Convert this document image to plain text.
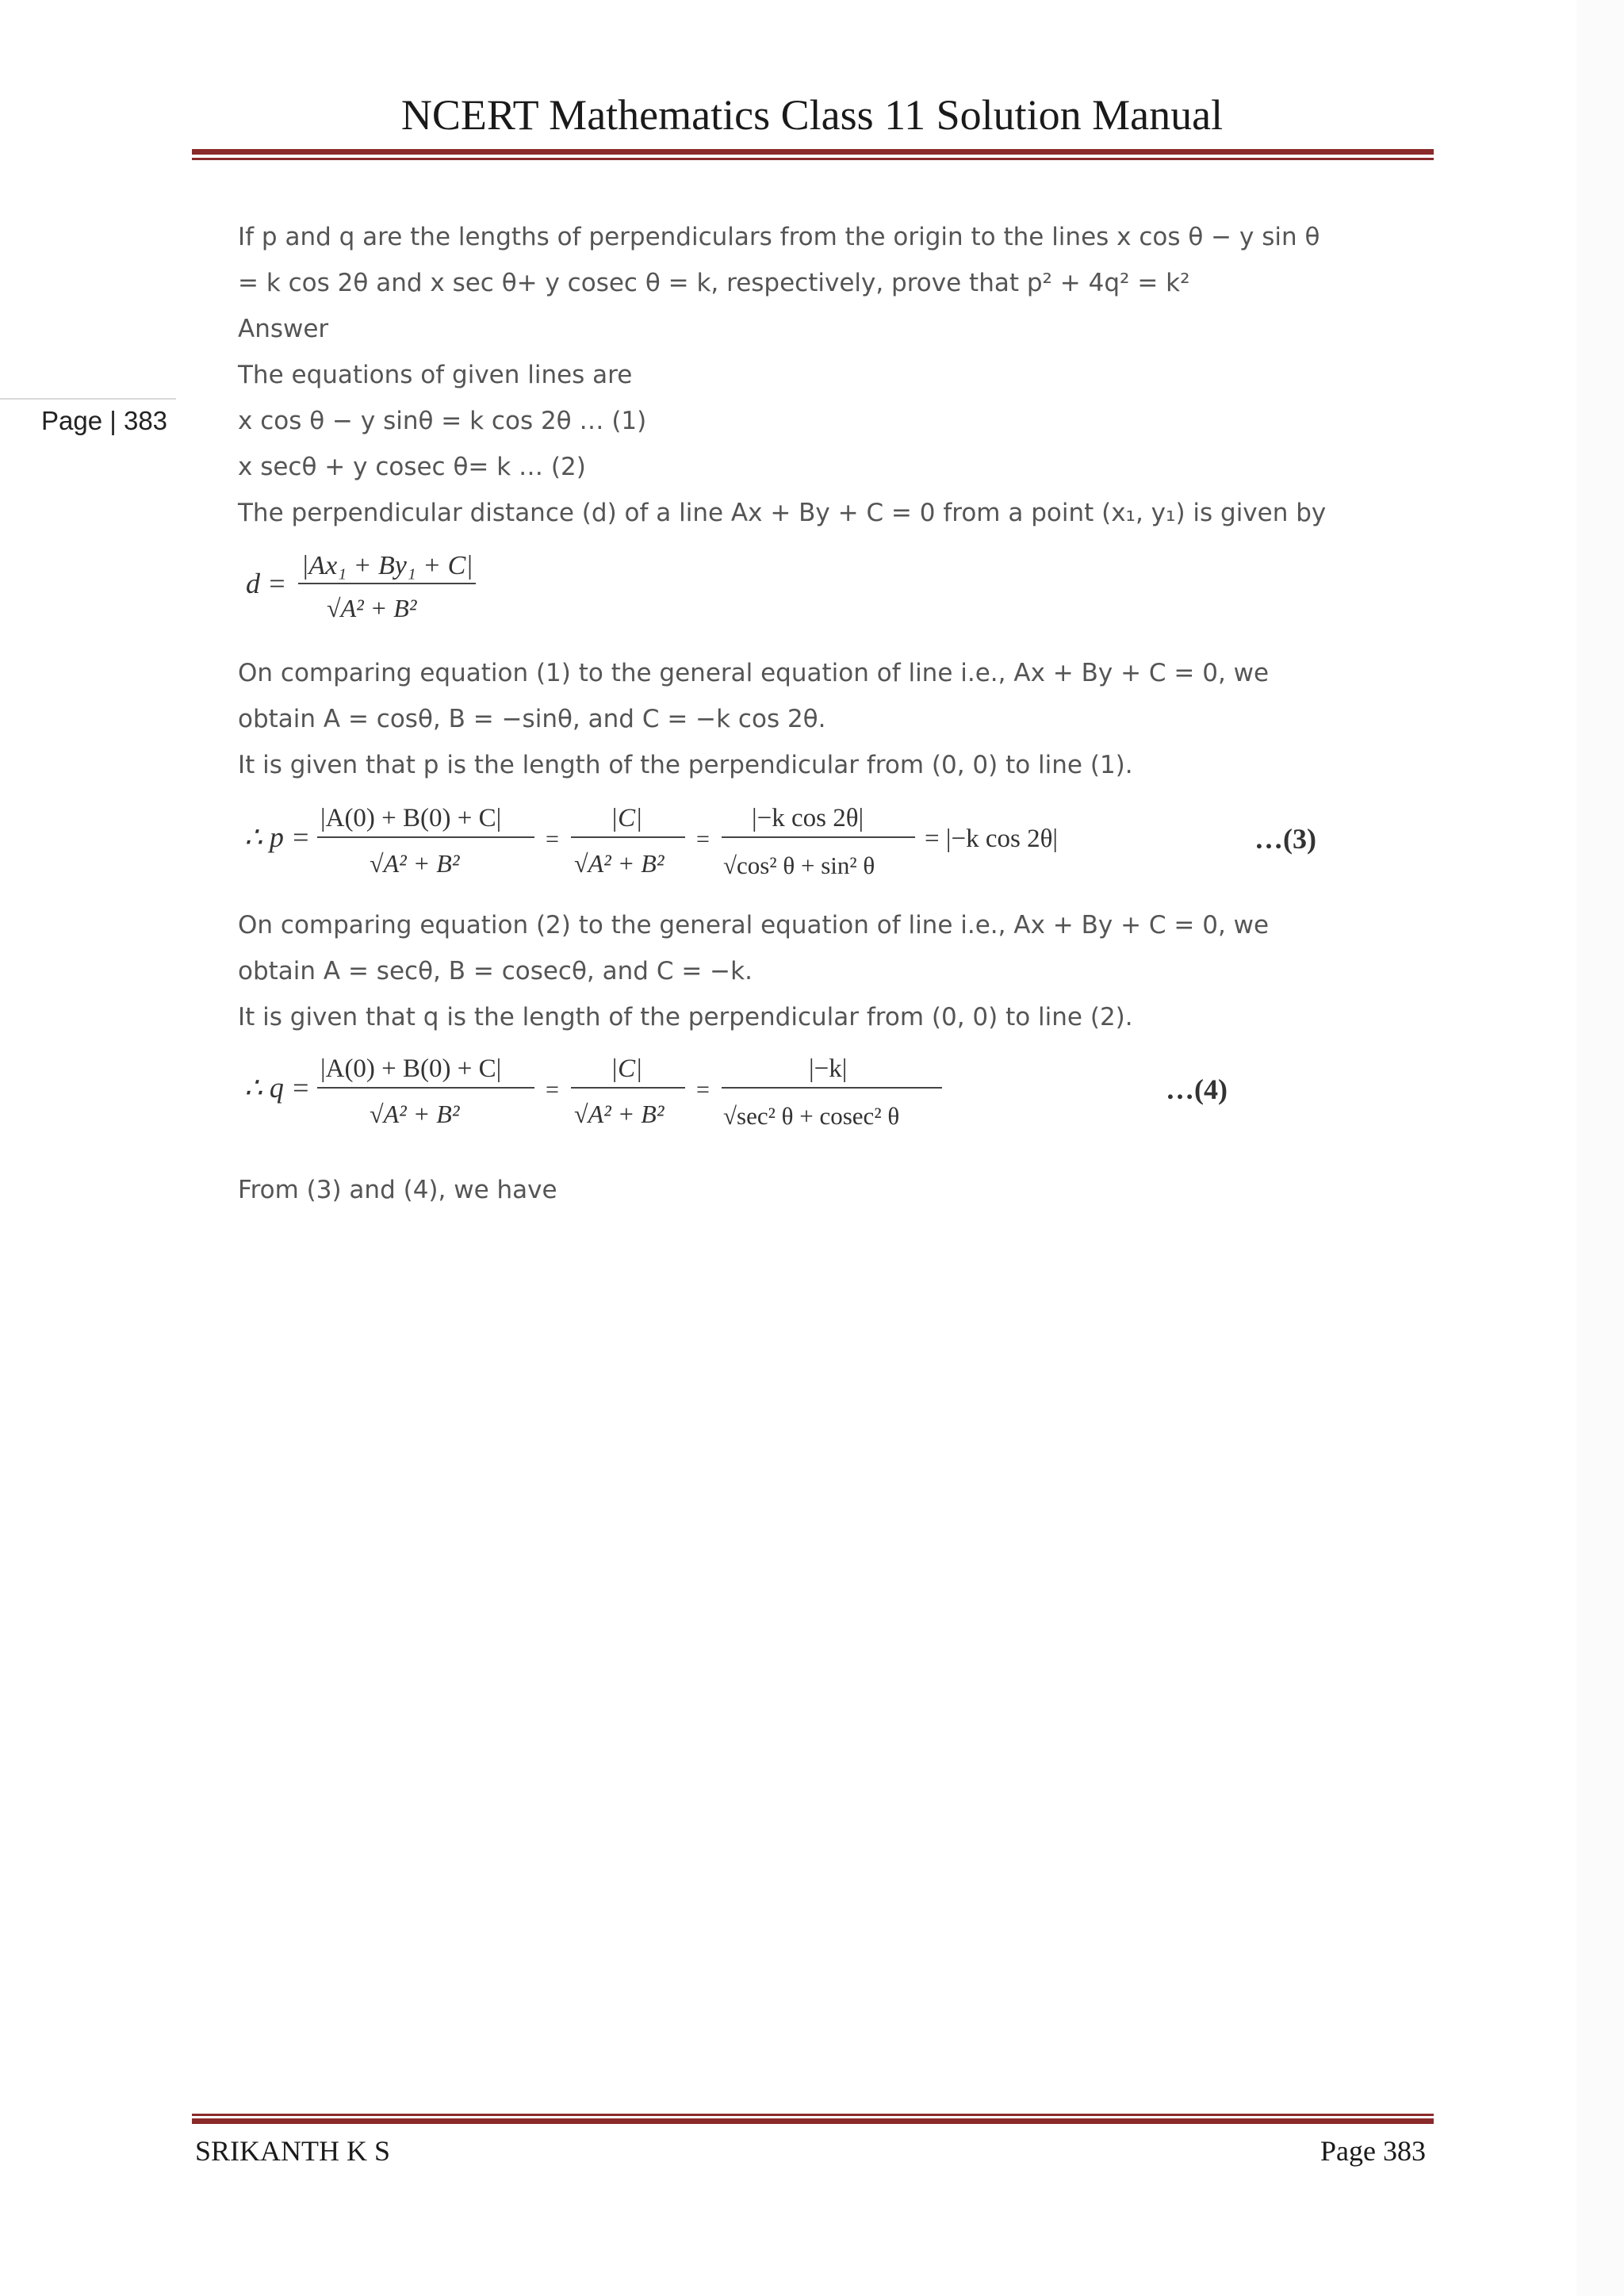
NCERT Mathematics Class 11 Solution Manual
Page | 383
If p and q are the lengths of perpendiculars from the origin to the lines x cos θ − y sin θ
= k cos 2θ and x sec θ+ y cosec θ = k, respectively, prove that p² + 4q² = k²
Answer
The equations of given lines are
x cos θ − y sinθ = k cos 2θ … (1)
x secθ + y cosec θ= k … (2)
The perpendicular distance (d) of a line Ax + By + C = 0 from a point (x₁, y₁) is given by
d =
|Ax₁ + By₁ + C|
√A² + B²
On comparing equation (1) to the general equation of line i.e., Ax + By + C = 0, we
obtain A = cosθ, B = −sinθ, and C = −k cos 2θ.
It is given that p is the length of the perpendicular from (0, 0) to line (1).
∴ p =
|A(0) + B(0) + C|
√A² + B²
=
|C|
√A² + B²
=
|−k cos 2θ|
√cos² θ + sin² θ
= |−k cos 2θ|	…(3)
On comparing equation (2) to the general equation of line i.e., Ax + By + C = 0, we
obtain A = secθ, B = cosecθ, and C = −k.
It is given that q is the length of the perpendicular from (0, 0) to line (2).
∴ q =
|A(0) + B(0) + C|
√A² + B²
=
|C|
√A² + B²
=
|−k|
√sec² θ + cosec² θ
…(4)
From (3) and (4), we have
SRIKANTH K S	Page 383
